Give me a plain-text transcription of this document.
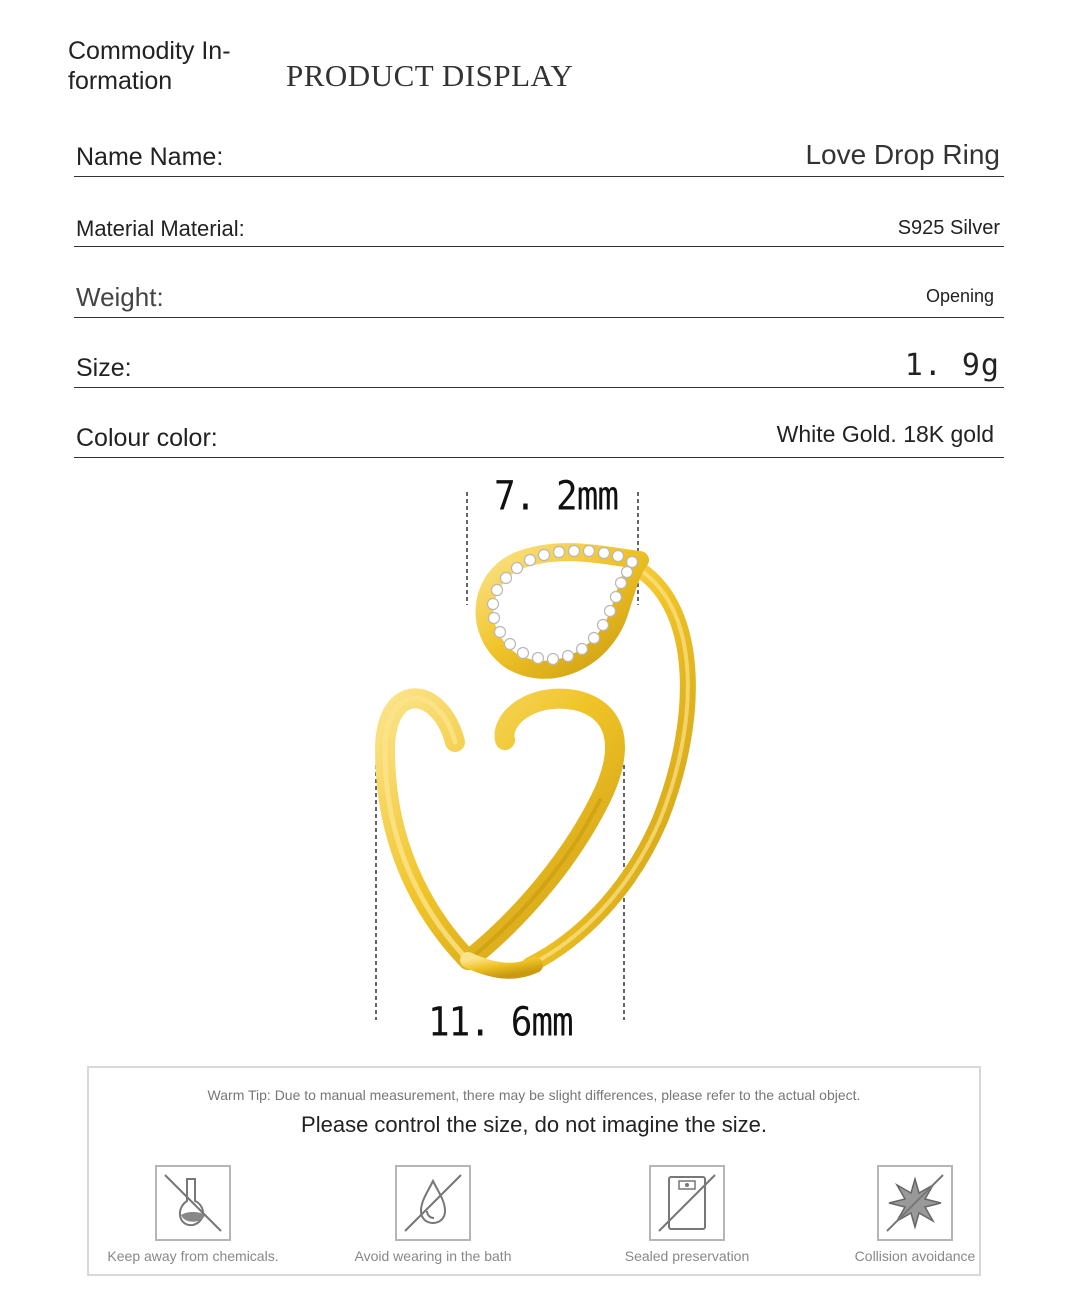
Commodity In-
formation	PRODUCT DISPLAY
Name Name:	Love Drop Ring
Material Material:	S925 Silver
Weight:	Opening
Size:	1. 9g
Colour color:	White Gold. 18K gold
7. 2mm
11. 6mm
Warm Tip: Due to manual measurement, there may be slight differences, please refer to the actual object.
Please control the size, do not imagine the size.
Keep away from chemicals.	Avoid wearing in the bath	Sealed preservation	Collision avoidance
